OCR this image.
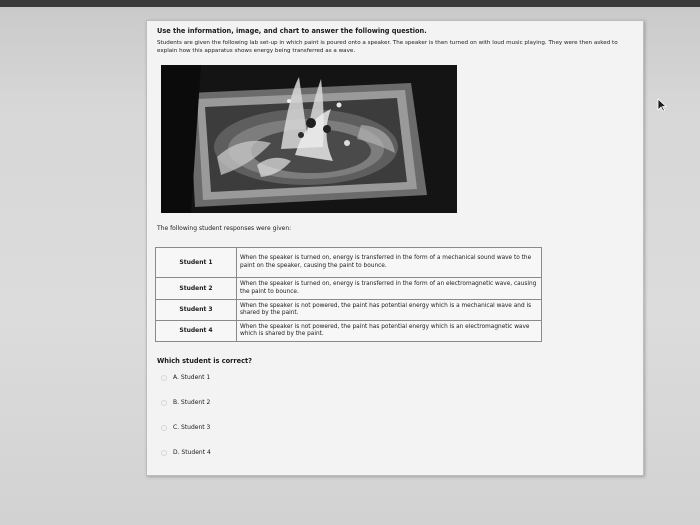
Use the information, image, and chart to answer the following question.
Students are given the following lab set-up in which paint is poured onto a speaker. The speaker is then turned on with loud music playing. They were then asked to explain how this apparatus shows energy being transferred as a wave.
The following student responses were given:
Student 1	When the speaker is turned on, energy is transferred in the form of a mechanical sound wave to the paint on the speaker, causing the paint to bounce.
Student 2	When the speaker is turned on, energy is transferred in the form of an electromagnetic wave, causing the paint to bounce.
Student 3	When the speaker is not powered, the paint has potential energy which is a mechanical wave and is shared by the paint.
Student 4	When the speaker is not powered, the paint has potential energy which is an electromagnetic wave which is shared by the paint.
Which student is correct?
A. Student 1
B. Student 2
C. Student 3
D. Student 4
